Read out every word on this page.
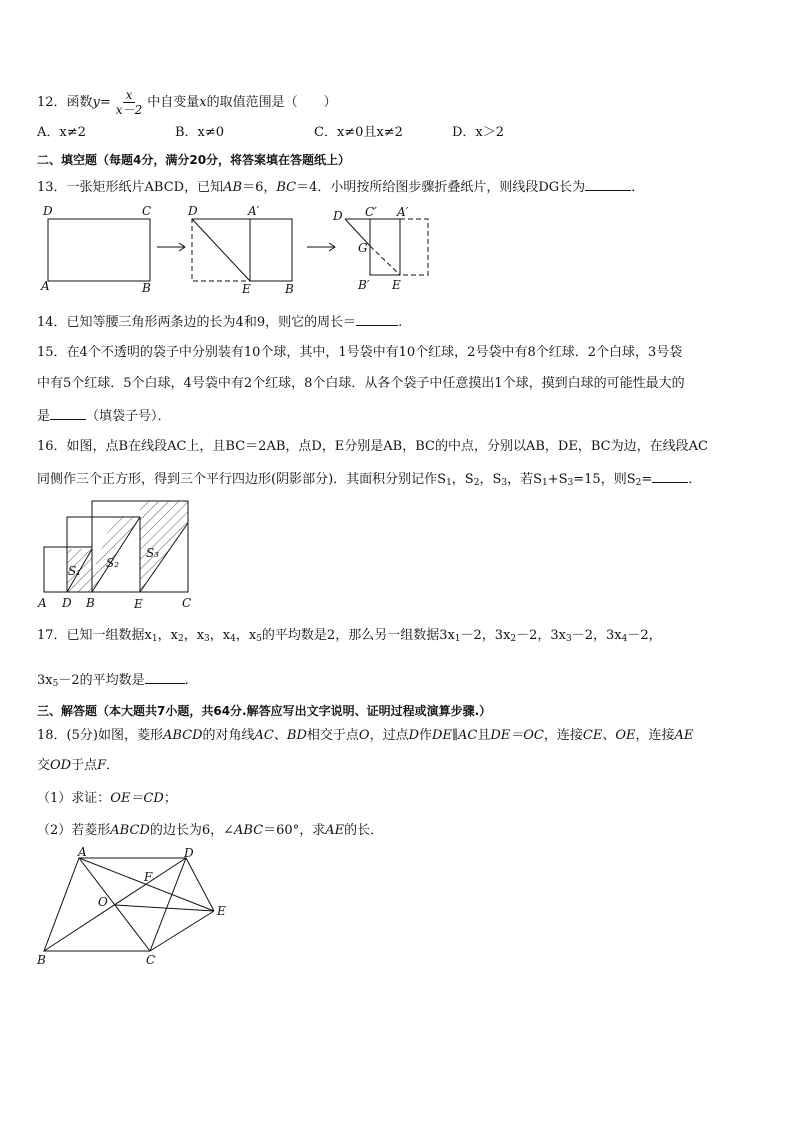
12．函数$y= \frac{x}{x-2}$ 中自变量x的取值范围是（　　）
A．x≠2	B．x≠0	C．x≠0且x≠2	D．x＞2
二、填空题（每题4分，满分20分，将答案填在答题纸上）
13．一张矩形纸片ABCD，已知AB＝6，BC＝4．小明按所给图步骤折叠纸片，则线段DG长为	．
D	C
A	B
D	A′
E	B
D C′ A′
G
B′ E
14．已知等腰三角形两条边的长为4和9，则它的周长＝	.
15．在4个不透明的袋子中分别装有10个球，其中，1号袋中有10个红球，2号袋中有8个红球．2个白球，3号袋
中有5个红球．5个白球，4号袋中有2个红球，8个白球．从各个袋子中任意摸出1个球，摸到白球的可能性最大的
是	（填袋子号）．
16．如图，点B在线段AC上，且BC＝2AB，点D，E分别是AB，BC的中点，分别以AB，DE，BC为边，在线段AC
同侧作三个正方形，得到三个平行四边形(阴影部分)．其面积分别记作$S_1$，$S_2$，$S_3$，若$S_1+S_3=15$，则$S_2=$	．
S₁
S₂
S₃
A D B	E	C
17．已知一组数据$x_1$，$x_2$，$x_3$，$x_4$，$x_5$的平均数是2，那么另一组数据$3x_1-2$，$3x_2-2$，$3x_3-2$，$3x_4-2$，
$3x_5-2$的平均数是	.
三、解答题（本大题共7小题，共64分.解答应写出文字说明、证明过程或演算步骤.）
18．(5分)如图，菱形ABCD的对角线AC、BD相交于点O，过点D作DE∥AC且DE＝OC，连接CE、OE，连接AE
交OD于点F．
（1）求证：OE＝CD；
（2）若菱形ABCD的边长为6，∠ABC＝60°，求AE的长．
A	D
F
O
E
B	C
